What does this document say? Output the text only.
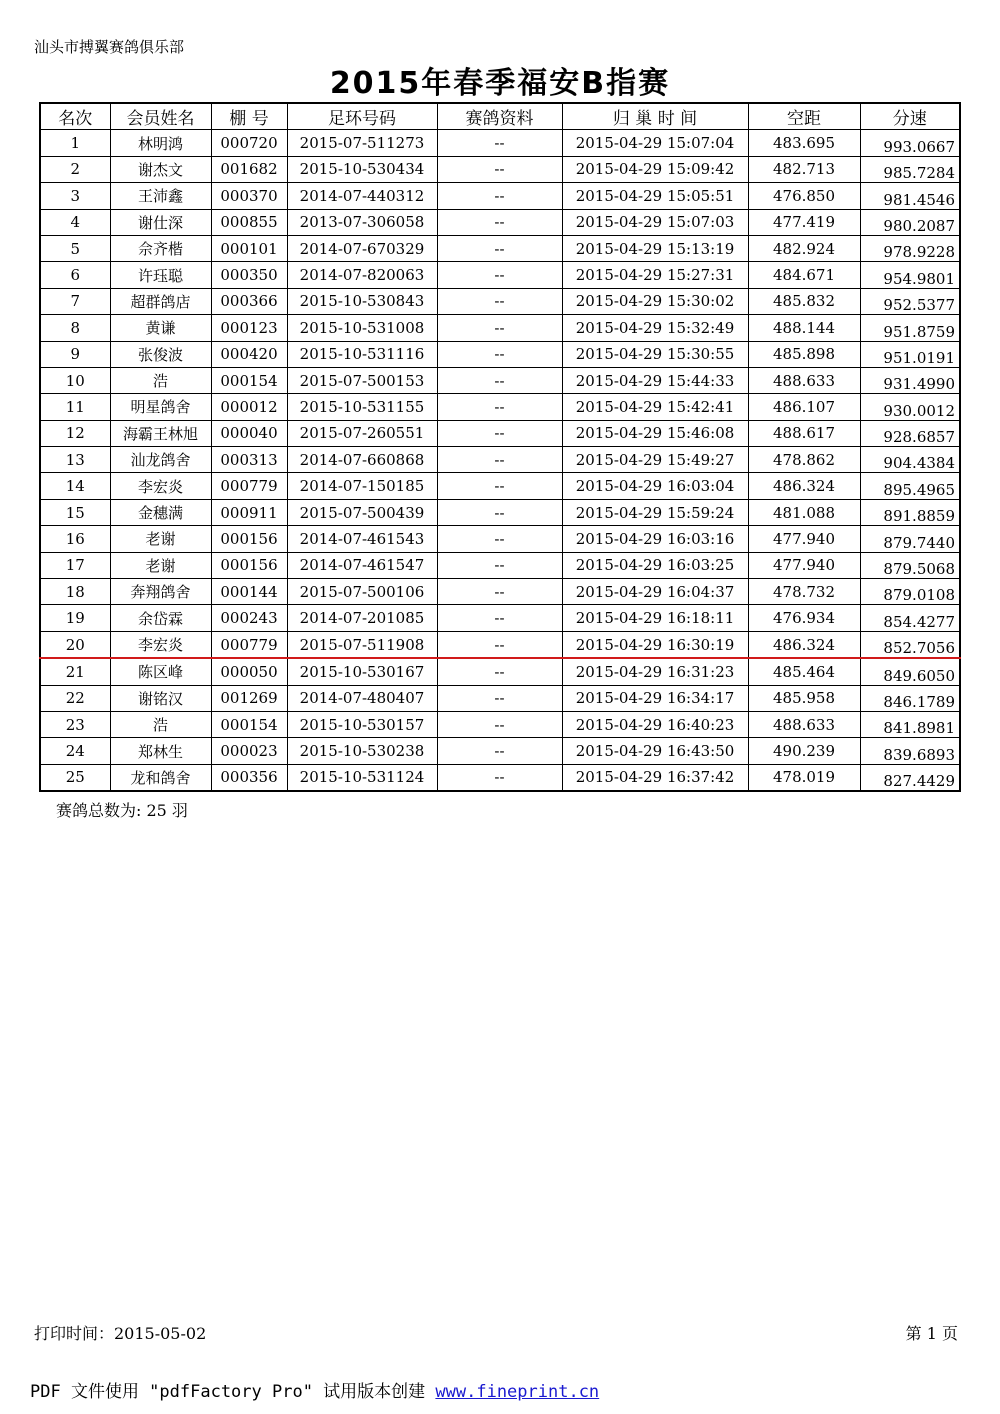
汕头市搏翼赛鸽俱乐部
2015年春季福安B指赛
名次	会员姓名	棚 号	足环号码	赛鸽资料	归 巢 时 间	空距	分速
1	林明鸿	000720	2015-07-511273	--	2015-04-29 15:07:04	483.695	993.0667
2	谢杰文	001682	2015-10-530434	--	2015-04-29 15:09:42	482.713	985.7284
3	王沛鑫	000370	2014-07-440312	--	2015-04-29 15:05:51	476.850	981.4546
4	谢仕深	000855	2013-07-306058	--	2015-04-29 15:07:03	477.419	980.2087
5	佘齐楷	000101	2014-07-670329	--	2015-04-29 15:13:19	482.924	978.9228
6	许珏聪	000350	2014-07-820063	--	2015-04-29 15:27:31	484.671	954.9801
7	超群鸽店	000366	2015-10-530843	--	2015-04-29 15:30:02	485.832	952.5377
8	黄谦	000123	2015-10-531008	--	2015-04-29 15:32:49	488.144	951.8759
9	张俊波	000420	2015-10-531116	--	2015-04-29 15:30:55	485.898	951.0191
10	浩	000154	2015-07-500153	--	2015-04-29 15:44:33	488.633	931.4990
11	明星鸽舍	000012	2015-10-531155	--	2015-04-29 15:42:41	486.107	930.0012
12	海霸王林旭	000040	2015-07-260551	--	2015-04-29 15:46:08	488.617	928.6857
13	汕龙鸽舍	000313	2014-07-660868	--	2015-04-29 15:49:27	478.862	904.4384
14	李宏炎	000779	2014-07-150185	--	2015-04-29 16:03:04	486.324	895.4965
15	金穗满	000911	2015-07-500439	--	2015-04-29 15:59:24	481.088	891.8859
16	老谢	000156	2014-07-461543	--	2015-04-29 16:03:16	477.940	879.7440
17	老谢	000156	2014-07-461547	--	2015-04-29 16:03:25	477.940	879.5068
18	奔翔鸽舍	000144	2015-07-500106	--	2015-04-29 16:04:37	478.732	879.0108
19	余岱霖	000243	2014-07-201085	--	2015-04-29 16:18:11	476.934	854.4277
20	李宏炎	000779	2015-07-511908	--	2015-04-29 16:30:19	486.324	852.7056
21	陈区峰	000050	2015-10-530167	--	2015-04-29 16:31:23	485.464	849.6050
22	谢铭汉	001269	2014-07-480407	--	2015-04-29 16:34:17	485.958	846.1789
23	浩	000154	2015-10-530157	--	2015-04-29 16:40:23	488.633	841.8981
24	郑林生	000023	2015-10-530238	--	2015-04-29 16:43:50	490.239	839.6893
25	龙和鸽舍	000356	2015-10-531124	--	2015-04-29 16:37:42	478.019	827.4429
赛鸽总数为: 25 羽
打印时间：2015-05-02	第 1 页
PDF 文件使用 "pdfFactory Pro" 试用版本创建 www.fineprint.cn
